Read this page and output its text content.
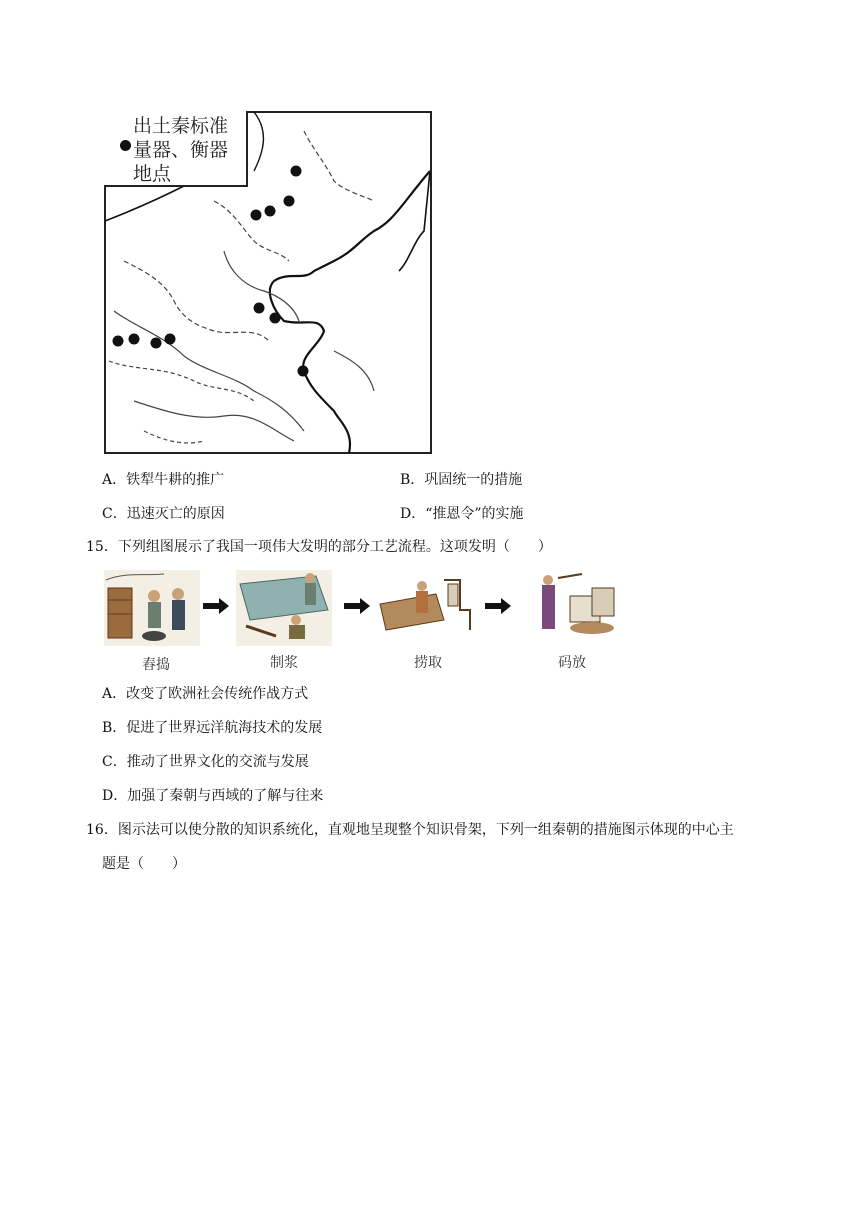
出土秦标准
量器、衡器
地点
A．铁犁牛耕的推广	B．巩固统一的措施
C．迅速灭亡的原因	D．“推恩令”的实施
15．下列组图展示了我国一项伟大发明的部分工艺流程。这项发明（　　）
舂捣	制浆	捞取	码放
A．改变了欧洲社会传统作战方式
B．促进了世界远洋航海技术的发展
C．推动了世界文化的交流与发展
D．加强了秦朝与西域的了解与往来
16．图示法可以使分散的知识系统化，直观地呈现整个知识骨架，下列一组秦朝的措施图示体现的中心主
题是（　　）
